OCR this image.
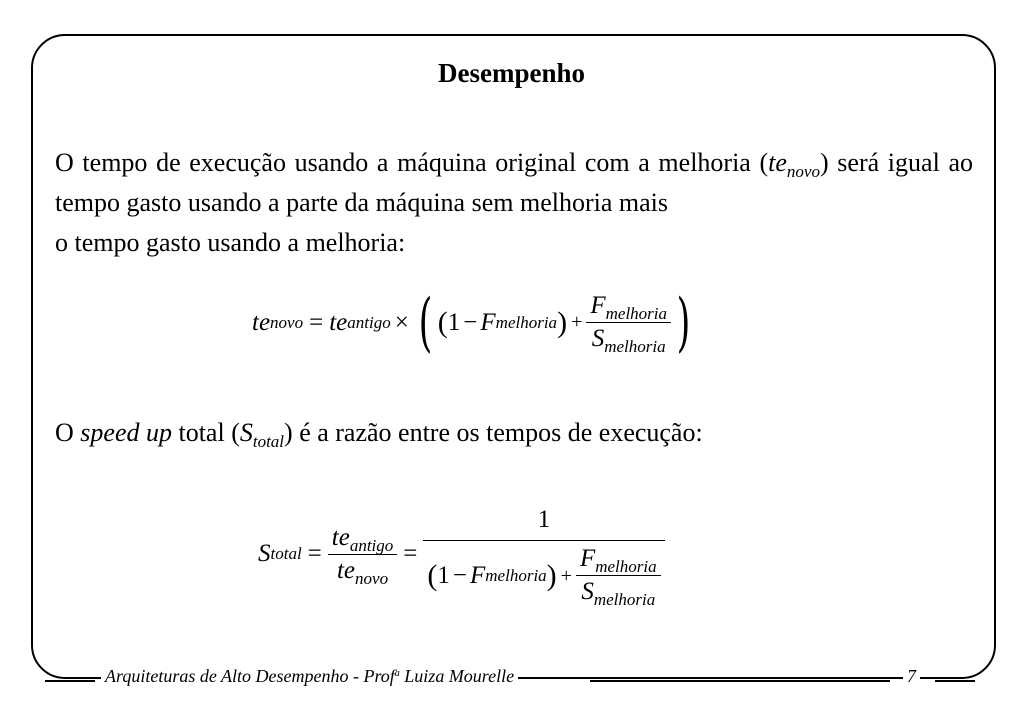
Desempenho
O tempo de execução usando a máquina original com a melhoria $(te_{novo})$ será igual ao tempo gasto usando a parte da máquina sem melhoria mais
o tempo gasto usando a melhoria:
te novo = te antigo × ( ( 1 − F melhoria ) + $\frac{F_{melhoria}}{S_{melhoria}}$ )
O speed up total $(S_{total})$ é a razão entre os tempos de execução:
S total = $\frac{te_{antigo}}{te_{novo}}$ =
1
( 1 − F melhoria ) + $\frac{F_{melhoria}}{S_{melhoria}}$
Arquiteturas de Alto Desempenho - Prof$^a$ Luiza Mourelle	7
